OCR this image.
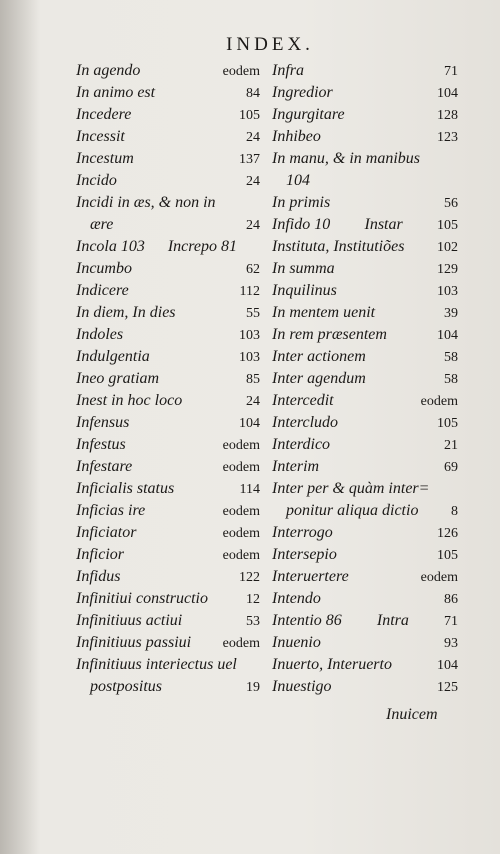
INDEX.
In agendo	eodem
In animo est	84
Incedere	105
Incessit	24
Incestum	137
Incido	24
Incidi in æs, & non in
ære	24
Incola 103	Increpo 81
Incumbo	62
Indicere	112
In diem, In dies	55
Indoles	103
Indulgentia	103
Ineo gratiam	85
Inest in hoc loco	24
Infensus	104
Infestus	eodem
Infestare	eodem
Inficialis status	114
Inficias ire	eodem
Inficiator	eodem
Inficior	eodem
Infidus	122
Infinitiui constructio	12
Infinitiuus actiui	53
Infinitiuus passiui eodem
Infinitiuus interiectus uel
postpositus	19
Infra	71
Ingredior	104
Ingurgitare	128
Inhibeo	123
In manu, & in manibus
104
In primis	56
Infido 10	Instar	105
Instituta, Institutiões 102
In summa	129
Inquilinus	103
In mentem uenit	39
In rem præsentem	104
Inter actionem	58
Inter agendum	58
Intercedit	eodem
Intercludo	105
Interdico	21
Interim	69
Inter per & quàm inter=
ponitur aliqua dictio 8
Interrogo	126
Intersepio	105
Interuertere	eodem
Intendo	86
Intentio 86	Intra	71
Inuenio	93
Inuerto, Interuerto	104
Inuestigo	125
Inuicem
